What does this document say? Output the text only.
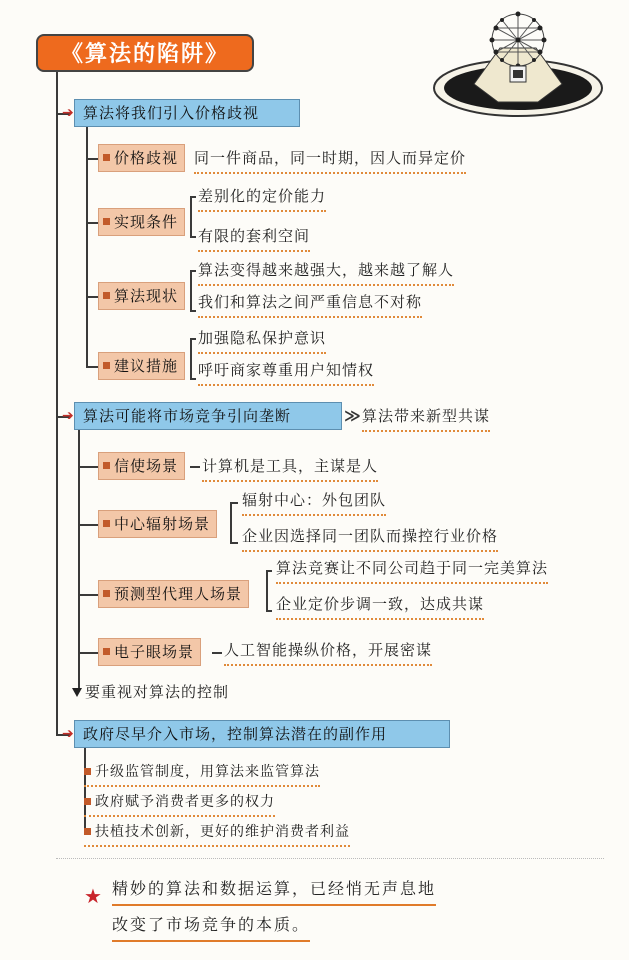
《算法的陷阱》
➔ 算法将我们引入价格歧视
价格歧视	同一件商品，同一时期，因人而异定价
实现条件
差别化的定价能力
有限的套利空间
算法现状
算法变得越来越强大，越来越了解人
我们和算法之间严重信息不对称
建议措施
加强隐私保护意识
呼吁商家尊重用户知情权
➔ 算法可能将市场竞争引向垄断	≫ 算法带来新型共谋
信使场景	计算机是工具，主谋是人
中心辐射场景
辐射中心：外包团队
企业因选择同一团队而操控行业价格
预测型代理人场景
算法竞赛让不同公司趋于同一完美算法
企业定价步调一致，达成共谋
电子眼场景	人工智能操纵价格，开展密谋
要重视对算法的控制
➔ 政府尽早介入市场，控制算法潜在的副作用
升级监管制度，用算法来监管算法
政府赋予消费者更多的权力
扶植技术创新，更好的维护消费者利益
★ 精妙的算法和数据运算，已经悄无声息地
改变了市场竞争的本质。
